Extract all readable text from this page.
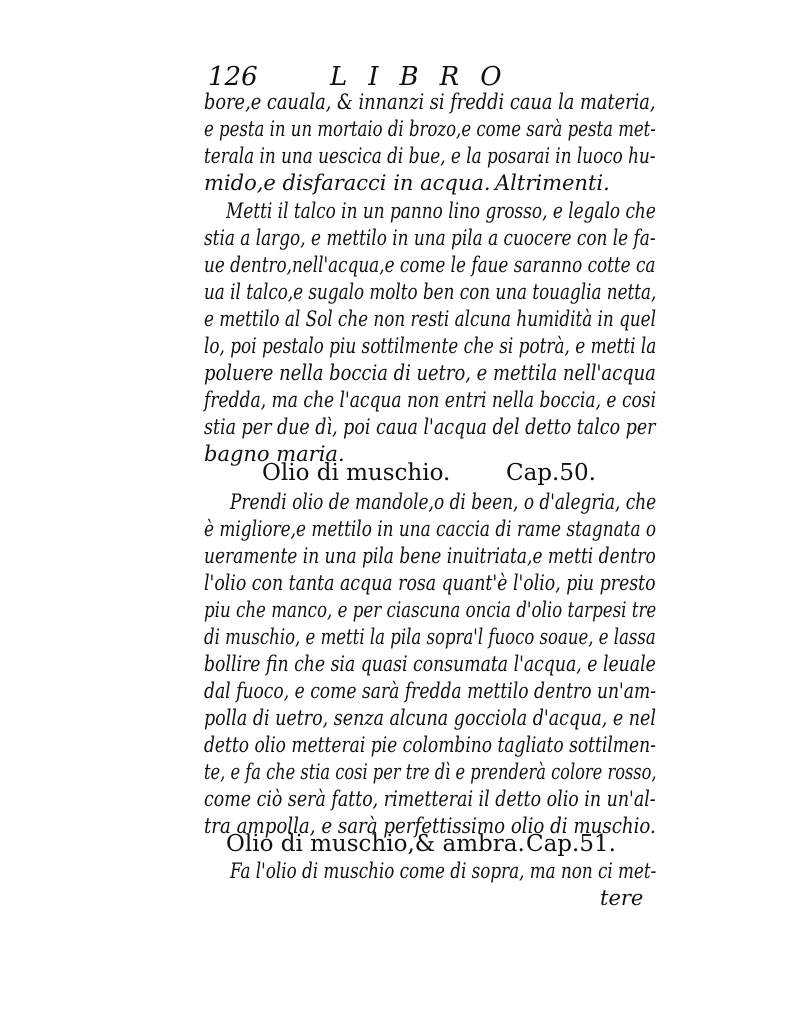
126	LIBRO
bore,e cauala, & innanzi si freddi caua la materia,
e pesta in un mortaio di brozo,e come sarà pesta met-
terala in una uescica di bue, e la posarai in luoco hu-
mido,e disfaracci in acqua. Altrimenti.
Metti il talco in un panno lino grosso, e legalo che
stia a largo, e mettilo in una pila a cuocere con le fa-
ue dentro,nell'acqua,e come le faue saranno cotte ca
ua il talco,e sugalo molto ben con una touaglia netta,
e mettilo al Sol che non resti alcuna humidità in quel
lo, poi pestalo piu sottilmente che si potrà, e metti la
poluere nella boccia di uetro, e mettila nell'acqua
fredda, ma che l'acqua non entri nella boccia, e cosi
stia per due dì, poi caua l'acqua del detto talco per
bagno maria.
Olio di muschio. Cap.50.
Prendi olio de mandole,o di been, o d'alegria, che
è migliore,e mettilo in una caccia di rame stagnata o
ueramente in una pila bene inuitriata,e metti dentro
l'olio con tanta acqua rosa quant'è l'olio, piu presto
piu che manco, e per ciascuna oncia d'olio tarpesi tre
di muschio, e metti la pila sopra'l fuoco soaue, e lassa
bollire fin che sia quasi consumata l'acqua, e leuale
dal fuoco, e come sarà fredda mettilo dentro un'am-
polla di uetro, senza alcuna gocciola d'acqua, e nel
detto olio metterai pie colombino tagliato sottilmen-
te, e fa che stia cosi per tre dì e prenderà colore rosso,
come ciò serà fatto, rimetterai il detto olio in un'al-
tra ampolla, e sarà perfettissimo olio di muschio.
Olio di muschio,& ambra. Cap.51.
Fa l'olio di muschio come di sopra, ma non ci met-
tere
